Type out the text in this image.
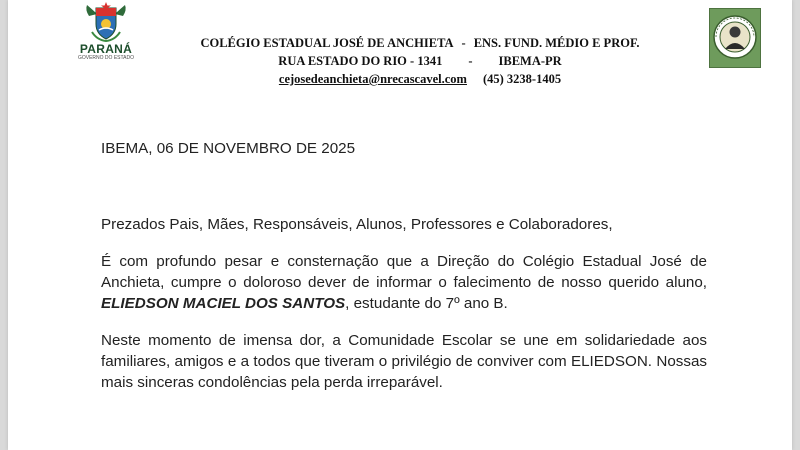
PARANÁ
GOVERNO DO ESTADO
COLÉGIO ESTADUAL JOSÉ DE ANCHIETA - ENS. FUND. MÉDIO E PROF.
RUA ESTADO DO RIO - 1341 - IBEMA-PR
cejosedeanchieta@nrecascavel.com (45) 3238-1405

IBEMA, 06 DE NOVEMBRO DE 2025

Prezados Pais, Mães, Responsáveis, Alunos, Professores e Colaboradores,

É com profundo pesar e consternação que a Direção do Colégio Estadual José de Anchieta, cumpre o doloroso dever de informar o falecimento de nosso querido aluno, ELIEDSON MACIEL DOS SANTOS, estudante do 7º ano B.

Neste momento de imensa dor, a Comunidade Escolar se une em solidariedade aos familiares, amigos e a todos que tiveram o privilégio de conviver com ELIEDSON. Nossas mais sinceras condolências pela perda irreparável.
